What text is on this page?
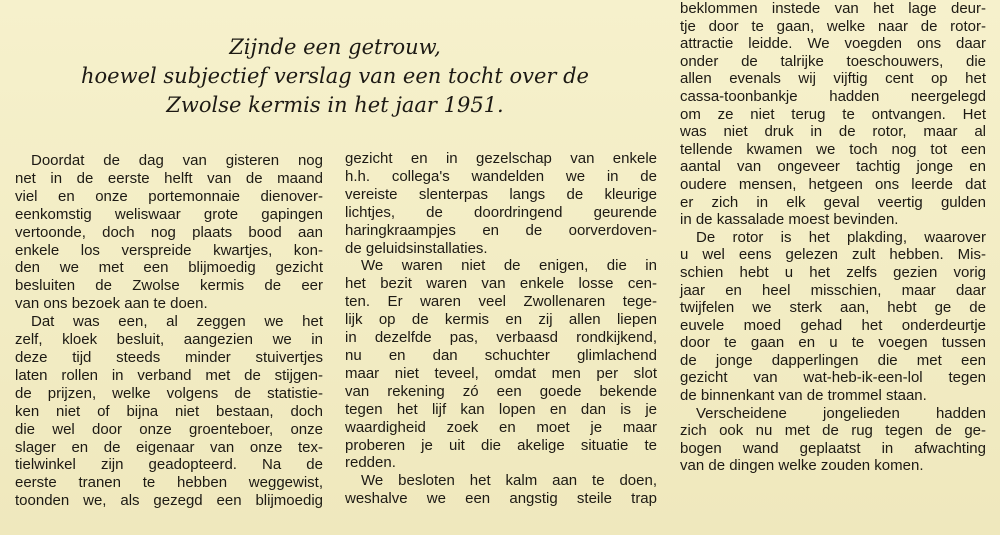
Zijnde een getrouw,
hoewel subjectief verslag van een tocht over de
Zwolse kermis in het jaar 1951.
Doordat de dag van gisteren nog
net in de eerste helft van de maand
viel en onze portemonnaie dienover-
eenkomstig weliswaar grote gapingen
vertoonde, doch nog plaats bood aan
enkele los verspreide kwartjes, kon-
den we met een blijmoedig gezicht
besluiten de Zwolse kermis de eer
van ons bezoek aan te doen.
Dat was een, al zeggen we het
zelf, kloek besluit, aangezien we in
deze tijd steeds minder stuivertjes
laten rollen in verband met de stijgen-
de prijzen, welke volgens de statistie-
ken niet of bijna niet bestaan, doch
die wel door onze groenteboer, onze
slager en de eigenaar van onze tex-
tielwinkel zijn geadopteerd. Na de
eerste tranen te hebben weggewist,
toonden we, als gezegd een blijmoedig
gezicht en in gezelschap van enkele
h.h. collega's wandelden we in de
vereiste slenterpas langs de kleurige
lichtjes, de doordringend geurende
haringkraampjes en de oorverdoven-
de geluidsinstallaties.
We waren niet de enigen, die in
het bezit waren van enkele losse cen-
ten. Er waren veel Zwollenaren tege-
lijk op de kermis en zij allen liepen
in dezelfde pas, verbaasd rondkijkend,
nu en dan schuchter glimlachend
maar niet teveel, omdat men per slot
van rekening zó een goede bekende
tegen het lijf kan lopen en dan is je
waardigheid zoek en moet je maar
proberen je uit die akelige situatie te
redden.
We besloten het kalm aan te doen,
weshalve we een angstig steile trap
beklommen instede van het lage deur-
tje door te gaan, welke naar de rotor-
attractie leidde. We voegden ons daar
onder de talrijke toeschouwers, die
allen evenals wij vijftig cent op het
cassa-toonbankje hadden neergelegd
om ze niet terug te ontvangen. Het
was niet druk in de rotor, maar al
tellende kwamen we toch nog tot een
aantal van ongeveer tachtig jonge en
oudere mensen, hetgeen ons leerde dat
er zich in elk geval veertig gulden
in de kassalade moest bevinden.
De rotor is het plakding, waarover
u wel eens gelezen zult hebben. Mis-
schien hebt u het zelfs gezien vorig
jaar en heel misschien, maar daar
twijfelen we sterk aan, hebt ge de
euvele moed gehad het onderdeurtje
door te gaan en u te voegen tussen
de jonge dapperlingen die met een
gezicht van wat-heb-ik-een-lol tegen
de binnenkant van de trommel staan.
Verscheidene jongelieden hadden
zich ook nu met de rug tegen de ge-
bogen wand geplaatst in afwachting
van de dingen welke zouden komen.
